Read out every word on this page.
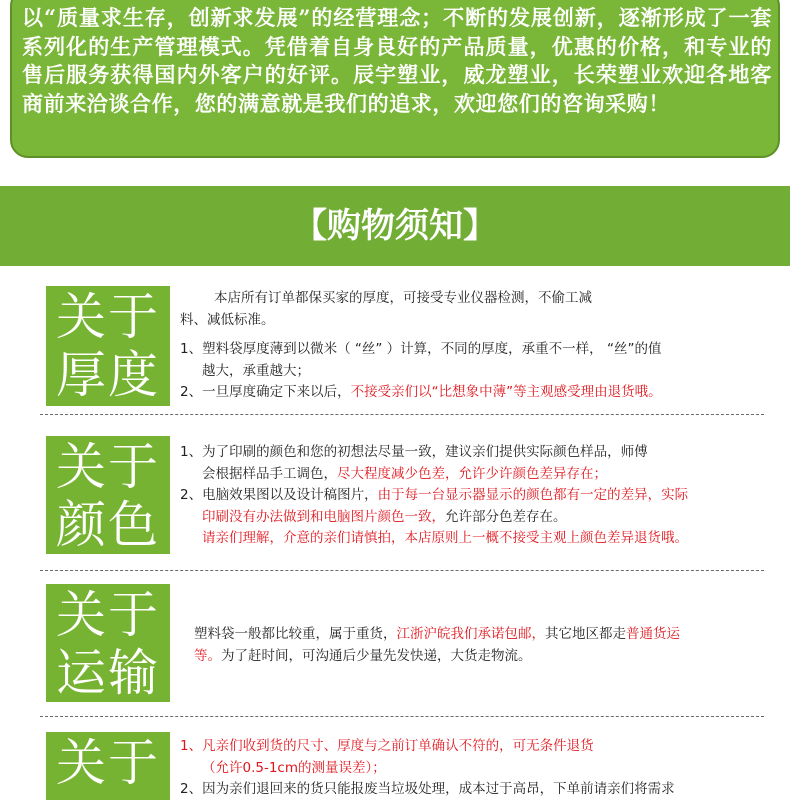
以“质量求生存，创新求发展”的经营理念；不断的发展创新，逐渐形成了一套系列化的生产管理模式。凭借着自身良好的产品质量，优惠的价格，和专业的售后服务获得国内外客户的好评。辰宇塑业，威龙塑业，长荣塑业欢迎各地客商前来洽谈合作，您的满意就是我们的追求，欢迎您们的咨询采购！

【购物须知】
关于
厚度
本店所有订单都保买家的厚度，可接受专业仪器检测，不偷工减
料、减低标准。
1、塑料袋厚度薄到以微米（ “丝” ）计算，不同的厚度，承重不一样， “丝”的值
越大，承重越大；
2、一旦厚度确定下来以后，不接受亲们以“比想象中薄”等主观感受理由退货哦。
关于
颜色
1、为了印刷的颜色和您的初想法尽量一致，建议亲们提供实际颜色样品，师傅
会根据样品手工调色，尽大程度减少色差，允许少许颜色差异存在；
2、电脑效果图以及设计稿图片，由于每一台显示器显示的颜色都有一定的差异，实际
印刷没有办法做到和电脑图片颜色一致，允许部分色差存在。
请亲们理解，介意的亲们请慎拍，本店原则上一概不接受主观上颜色差异退货哦。
关于
运输
塑料袋一般都比较重，属于重货，江浙沪皖我们承诺包邮，其它地区都走普通货运
等。为了赶时间，可沟通后少量先发快递，大货走物流。
关于	1、凡亲们收到货的尺寸、厚度与之前订单确认不符的，可无条件退货
（允许0.5-1cm的测量误差）；
2、因为亲们退回来的货只能报废当垃圾处理，成本过于高昂，下单前请亲们将需求
